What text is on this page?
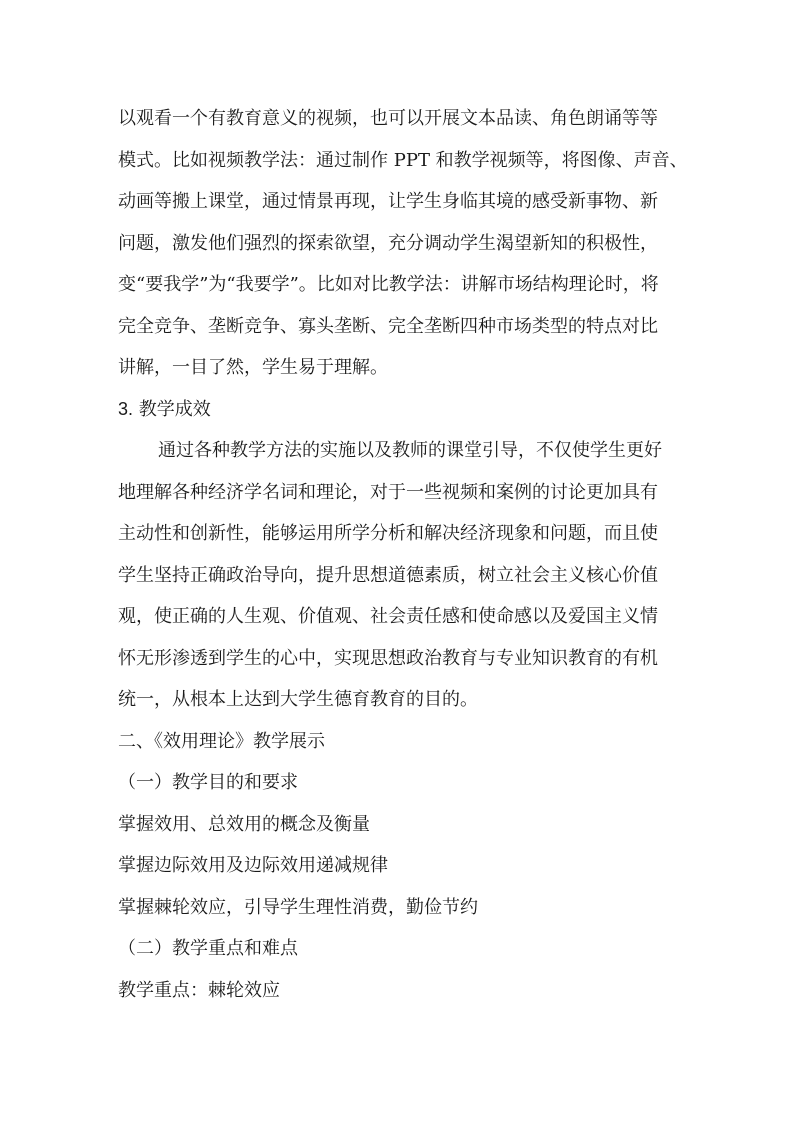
以观看一个有教育意义的视频，也可以开展文本品读、角色朗诵等等
模式。比如视频教学法：通过制作 PPT 和教学视频等，将图像、声音、
动画等搬上课堂，通过情景再现，让学生身临其境的感受新事物、新
问题，激发他们强烈的探索欲望，充分调动学生渴望新知的积极性，
变“要我学”为“我要学”。比如对比教学法：讲解市场结构理论时，将
完全竞争、垄断竞争、寡头垄断、完全垄断四种市场类型的特点对比
讲解，一目了然，学生易于理解。
3. 教学成效
通过各种教学方法的实施以及教师的课堂引导，不仅使学生更好
地理解各种经济学名词和理论，对于一些视频和案例的讨论更加具有
主动性和创新性，能够运用所学分析和解决经济现象和问题，而且使
学生坚持正确政治导向，提升思想道德素质，树立社会主义核心价值
观，使正确的人生观、价值观、社会责任感和使命感以及爱国主义情
怀无形渗透到学生的心中，实现思想政治教育与专业知识教育的有机
统一，从根本上达到大学生德育教育的目的。
二、《效用理论》教学展示
（一）教学目的和要求
掌握效用、总效用的概念及衡量
掌握边际效用及边际效用递减规律
掌握棘轮效应，引导学生理性消费，勤俭节约
（二）教学重点和难点
教学重点：棘轮效应
